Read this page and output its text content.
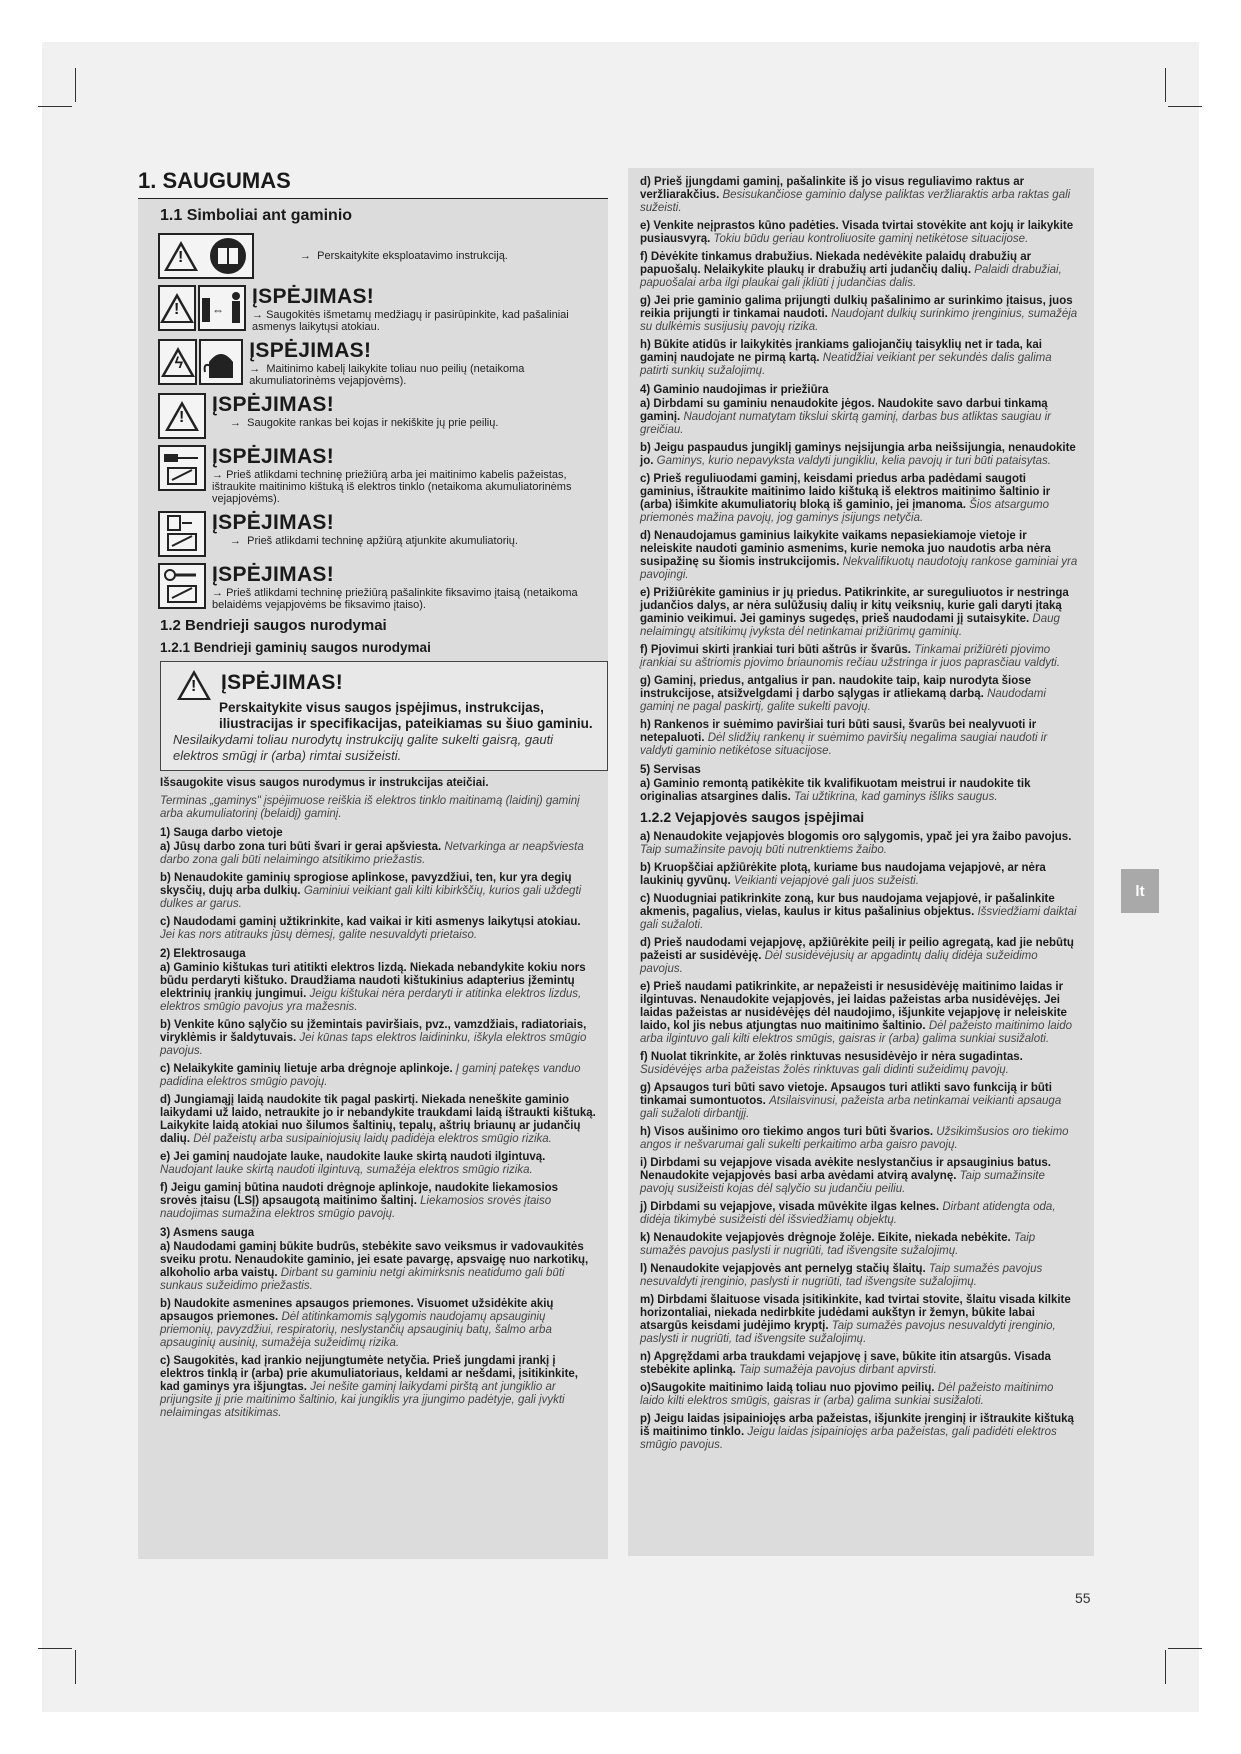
1. SAUGUMAS
1.1 Simboliai ant gaminio
!	→  Perskaitykite eksploatavimo instrukciją.
!	⇔
ĮSPĖJIMAS!
→ Saugokitės išmetamų medžiagų ir pasirūpinkite, kad pašaliniai asmenys laikytųsi atokiau.
ϟ
ĮSPĖJIMAS!
→  Maitinimo kabelį laikykite toliau nuo peilių (netaikoma akumuliatorinėms vejapjovėms).
!
ĮSPĖJIMAS!
→  Saugokite rankas bei kojas ir nekiškite jų prie peilių.
ĮSPĖJIMAS!
→ Prieš atlikdami techninę priežiūrą arba jei maitinimo kabelis pažeistas, ištraukite maitinimo kištuką iš elektros tinklo (netaikoma akumuliatorinėms vejapjovėms).
ĮSPĖJIMAS!
→  Prieš atlikdami techninę apžiūrą atjunkite akumuliatorių.
ĮSPĖJIMAS!
→ Prieš atlikdami techninę priežiūrą pašalinkite fiksavimo įtaisą (netaikoma belaidėms vejapjovėms be fiksavimo įtaiso).
1.2 Bendrieji saugos nurodymai
1.2.1 Bendrieji gaminių saugos nurodymai
! ĮSPĖJIMAS!
Perskaitykite visus saugos įspėjimus, instrukcijas, iliustracijas ir specifikacijas, pateikiamas su šiuo gaminiu.
Nesilaikydami toliau nurodytų instrukcijų galite sukelti gaisrą, gauti elektros smūgį ir (arba) rimtai susižeisti.
Išsaugokite visus saugos nurodymus ir instrukcijas ateičiai.
Terminas „gaminys" įspėjimuose reiškia iš elektros tinklo maitinamą (laidinį) gaminį arba akumuliatorinį (belaidį) gaminį.
1) Sauga darbo vietoje
a) Jūsų darbo zona turi būti švari ir gerai apšviesta. Netvarkinga ar neapšviesta darbo zona gali būti nelaimingo atsitikimo priežastis.
b) Nenaudokite gaminių sprogiose aplinkose, pavyzdžiui, ten, kur yra degių skysčių, dujų arba dulkių. Gaminiui veikiant gali kilti kibirkščių, kurios gali uždegti dulkes ar garus.
c) Naudodami gaminį užtikrinkite, kad vaikai ir kiti asmenys laikytųsi atokiau. Jei kas nors atitrauks jūsų dėmesį, galite nesuvaldyti prietaiso.
2) Elektrosauga
a) Gaminio kištukas turi atitikti elektros lizdą. Niekada nebandykite kokiu nors būdu perdaryti kištuko. Draudžiama naudoti kištukinius adapterius įžemintų elektrinių įrankių jungimui. Jeigu kištukai nėra perdaryti ir atitinka elektros lizdus, elektros smūgio pavojus yra mažesnis.
b) Venkite kūno sąlyčio su įžemintais paviršiais, pvz., vamzdžiais, radiatoriais, viryklėmis ir šaldytuvais. Jei kūnas taps elektros laidininku, iškyla elektros smūgio pavojus.
c) Nelaikykite gaminių lietuje arba drėgnoje aplinkoje. Į gaminį patekęs vanduo padidina elektros smūgio pavojų.
d) Jungiamąjį laidą naudokite tik pagal paskirtį. Niekada neneškite gaminio laikydami už laido, netraukite jo ir nebandykite traukdami laidą ištraukti kištuką. Laikykite laidą atokiai nuo šilumos šaltinių, tepalų, aštrių briaunų ar judančių dalių. Dėl pažeistų arba susipainiojusių laidų padidėja elektros smūgio rizika.
e) Jei gaminį naudojate lauke, naudokite lauke skirtą naudoti ilgintuvą. Naudojant lauke skirtą naudoti ilgintuvą, sumažėja elektros smūgio rizika.
f) Jeigu gaminį būtina naudoti drėgnoje aplinkoje, naudokite liekamosios srovės įtaisu (LSĮ) apsaugotą maitinimo šaltinį. Liekamosios srovės įtaiso naudojimas sumažina elektros smūgio pavojų.
3) Asmens sauga
a) Naudodami gaminį būkite budrūs, stebėkite savo veiksmus ir vadovaukitės sveiku protu. Nenaudokite gaminio, jei esate pavargę, apsvaigę nuo narkotikų, alkoholio arba vaistų. Dirbant su gaminiu netgi akimirksnis neatidumo gali būti sunkaus sužeidimo priežastis.
b) Naudokite asmenines apsaugos priemones. Visuomet užsidėkite akių apsaugos priemones. Dėl atitinkamomis sąlygomis naudojamų apsauginių priemonių, pavyzdžiui, respiratorių, neslystančių apsauginių batų, šalmo arba apsauginių ausinių, sumažėja sužeidimų rizika.
c) Saugokitės, kad įrankio neįjungtumėte netyčia. Prieš jungdami įrankį į elektros tinklą ir (arba) prie akumuliatoriaus, keldami ar nešdami, įsitikinkite, kad gaminys yra išjungtas. Jei nešite gaminį laikydami pirštą ant jungiklio ar prijungsite jį prie maitinimo šaltinio, kai jungiklis yra įjungimo padėtyje, gali įvykti nelaimingas atsitikimas.
d) Prieš įjungdami gaminį, pašalinkite iš jo visus reguliavimo raktus ar veržliarakčius. Besisukančiose gaminio dalyse paliktas veržliaraktis arba raktas gali sužeisti.
e) Venkite neįprastos kūno padėties. Visada tvirtai stovėkite ant kojų ir laikykite pusiausvyrą. Tokiu būdu geriau kontroliuosite gaminį netikėtose situacijose.
f) Dėvėkite tinkamus drabužius. Niekada nedėvėkite palaidų drabužių ar papuošalų. Nelaikykite plaukų ir drabužių arti judančių dalių. Palaidi drabužiai, papuošalai arba ilgi plaukai gali įkliūti į judančias dalis.
g) Jei prie gaminio galima prijungti dulkių pašalinimo ar surinkimo įtaisus, juos reikia prijungti ir tinkamai naudoti. Naudojant dulkių surinkimo įrenginius, sumažėja su dulkėmis susijusių pavojų rizika.
h) Būkite atidūs ir laikykitės įrankiams galiojančių taisyklių net ir tada, kai gaminį naudojate ne pirmą kartą. Neatidžiai veikiant per sekundės dalis galima patirti sunkių sužalojimų.
4) Gaminio naudojimas ir priežiūra
a) Dirbdami su gaminiu nenaudokite jėgos. Naudokite savo darbui tinkamą gaminį. Naudojant numatytam tikslui skirtą gaminį, darbas bus atliktas saugiau ir greičiau.
b) Jeigu paspaudus jungiklį gaminys neįsijungia arba neišsijungia, nenaudokite jo. Gaminys, kurio nepavyksta valdyti jungikliu, kelia pavojų ir turi būti pataisytas.
c) Prieš reguliuodami gaminį, keisdami priedus arba padėdami saugoti gaminius, ištraukite maitinimo laido kištuką iš elektros maitinimo šaltinio ir (arba) išimkite akumuliatorių bloką iš gaminio, jei įmanoma. Šios atsargumo priemonės mažina pavojų, jog gaminys įsijungs netyčia.
d) Nenaudojamus gaminius laikykite vaikams nepasiekiamoje vietoje ir neleiskite naudoti gaminio asmenims, kurie nemoka juo naudotis arba nėra susipažinę su šiomis instrukcijomis. Nekvalifikuotų naudotojų rankose gaminiai yra pavojingi.
e) Prižiūrėkite gaminius ir jų priedus. Patikrinkite, ar sureguliuotos ir nestringa judančios dalys, ar nėra sulūžusių dalių ir kitų veiksnių, kurie gali daryti įtaką gaminio veikimui. Jei gaminys sugedęs, prieš naudodami jį sutaisykite. Daug nelaimingų atsitikimų įvyksta dėl netinkamai prižiūrimų gaminių.
f) Pjovimui skirti įrankiai turi būti aštrūs ir švarūs. Tinkamai prižiūrėti pjovimo įrankiai su aštriomis pjovimo briaunomis rečiau užstringa ir juos paprasčiau valdyti.
g) Gaminį, priedus, antgalius ir pan. naudokite taip, kaip nurodyta šiose instrukcijose, atsižvelgdami į darbo sąlygas ir atliekamą darbą. Naudodami gaminį ne pagal paskirtį, galite sukelti pavojų.
h) Rankenos ir suėmimo paviršiai turi būti sausi, švarūs bei nealyvuoti ir netepaluoti. Dėl slidžių rankenų ir suėmimo paviršių negalima saugiai naudoti ir valdyti gaminio netikėtose situacijose.
5) Servisas
a) Gaminio remontą patikėkite tik kvalifikuotam meistrui ir naudokite tik originalias atsargines dalis. Tai užtikrina, kad gaminys išliks saugus.
1.2.2 Vejapjovės saugos įspėjimai
a) Nenaudokite vejapjovės blogomis oro sąlygomis, ypač jei yra žaibo pavojus. Taip sumažinsite pavojų būti nutrenktiems žaibo.
b) Kruopščiai apžiūrėkite plotą, kuriame bus naudojama vejapjovė, ar nėra laukinių gyvūnų. Veikianti vejapjovė gali juos sužeisti.
c) Nuodugniai patikrinkite zoną, kur bus naudojama vejapjovė, ir pašalinkite akmenis, pagalius, vielas, kaulus ir kitus pašalinius objektus. Išsviedžiami daiktai gali sužaloti.
d) Prieš naudodami vejapjovę, apžiūrėkite peilį ir peilio agregatą, kad jie nebūtų pažeisti ar susidėvėję. Dėl susidėvėjusių ar apgadintų dalių didėja sužeidimo pavojus.
e) Prieš naudami patikrinkite, ar nepažeisti ir nesusidėvėję maitinimo laidas ir ilgintuvas. Nenaudokite vejapjovės, jei laidas pažeistas arba nusidėvėjęs. Jei laidas pažeistas ar nusidėvėjęs dėl naudojimo, išjunkite vejapjovę ir neleiskite laido, kol jis nebus atjungtas nuo maitinimo šaltinio. Dėl pažeisto maitinimo laido arba ilgintuvo gali kilti elektros smūgis, gaisras ir (arba) galima sunkiai susižaloti.
f) Nuolat tikrinkite, ar žolės rinktuvas nesusidėvėjo ir nėra sugadintas. Susidėvėjęs arba pažeistas žolės rinktuvas gali didinti sužeidimų pavojų.
g) Apsaugos turi būti savo vietoje. Apsaugos turi atlikti savo funkciją ir būti tinkamai sumontuotos. Atsilaisvinusi, pažeista arba netinkamai veikianti apsauga gali sužaloti dirbantįjį.
h) Visos aušinimo oro tiekimo angos turi būti švarios. Užsikimšusios oro tiekimo angos ir nešvarumai gali sukelti perkaitimo arba gaisro pavojų.
i) Dirbdami su vejapjove visada avėkite neslystančius ir apsauginius batus. Nenaudokite vejapjovės basi arba avėdami atvirą avalynę. Taip sumažinsite pavojų susižeisti kojas dėl sąlyčio su judančiu peiliu.
j) Dirbdami su vejapjove, visada mūvėkite ilgas kelnes. Dirbant atidengta oda, didėja tikimybė susižeisti dėl išsviedžiamų objektų.
k) Nenaudokite vejapjovės drėgnoje žolėje. Eikite, niekada nebėkite. Taip sumažės pavojus paslysti ir nugriūti, tad išvengsite sužalojimų.
l) Nenaudokite vejapjovės ant pernelyg stačių šlaitų. Taip sumažės pavojus nesuvaldyti įrenginio, paslysti ir nugriūti, tad išvengsite sužalojimų.
m) Dirbdami šlaituose visada įsitikinkite, kad tvirtai stovite, šlaitu visada kilkite horizontaliai, niekada nedirbkite judėdami aukštyn ir žemyn, būkite labai atsargūs keisdami judėjimo kryptį. Taip sumažės pavojus nesuvaldyti įrenginio, paslysti ir nugriūti, tad išvengsite sužalojimų.
n) Apgręždami arba traukdami vejapjovę į save, būkite itin atsargūs. Visada stebėkite aplinką. Taip sumažėja pavojus dirbant apvirsti.
o)Saugokite maitinimo laidą toliau nuo pjovimo peilių. Dėl pažeisto maitinimo laido kilti elektros smūgis, gaisras ir (arba) galima sunkiai susižaloti.
p) Jeigu laidas įsipainiojęs arba pažeistas, išjunkite įrenginį ir ištraukite kištuką iš maitinimo tinklo. Jeigu laidas įsipainiojęs arba pažeistas, gali padidėti elektros smūgio pavojus.
lt
55
